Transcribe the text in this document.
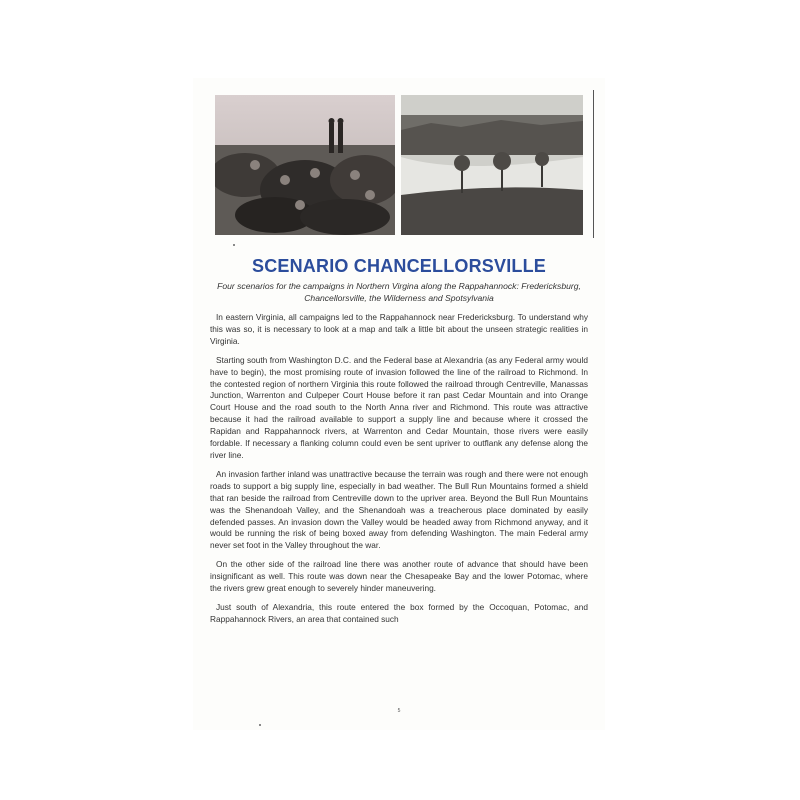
SCENARIO CHANCELLORSVILLE
Four scenarios for the campaigns in Northern Virgina along the Rappahannock: Fredericksburg, Chancellorsville, the Wilderness and Spotsylvania

In eastern Virginia, all campaigns led to the Rappahannock near Fredericksburg. To understand why this was so, it is necessary to look at a map and talk a little bit about the unseen strategic realities in Virginia.

Starting south from Washington D.C. and the Federal base at Alexandria (as any Federal army would have to begin), the most promising route of invasion followed the line of the railroad to Richmond. In the contested region of northern Virginia this route followed the railroad through Centreville, Manassas Junction, Warrenton and Culpeper Court House before it ran past Cedar Mountain and into Orange Court House and the road south to the North Anna river and Richmond. This route was attractive because it had the railroad available to support a supply line and because where it crossed the Rapidan and Rappahannock rivers, at Warrenton and Cedar Mountain, those rivers were easily fordable. If necessary a flanking column could even be sent upriver to outflank any defense along the river line.

An invasion farther inland was unattractive because the terrain was rough and there were not enough roads to support a big supply line, especially in bad weather. The Bull Run Mountains formed a shield that ran beside the railroad from Centreville down to the upriver area. Beyond the Bull Run Mountains was the Shenandoah Valley, and the Shenandoah was a treacherous place dominated by easily defended passes. An invasion down the Valley would be headed away from Richmond anyway, and it would be running the risk of being boxed away from defending Washington. The main Federal army never set foot in the Valley throughout the war.

On the other side of the railroad line there was another route of advance that should have been insignificant as well. This route was down near the Chesapeake Bay and the lower Potomac, where the rivers grew great enough to severely hinder maneuvering.

Just south of Alexandria, this route entered the box formed by the Occoquan, Potomac, and Rappahannock Rivers, an area that contained such

5
